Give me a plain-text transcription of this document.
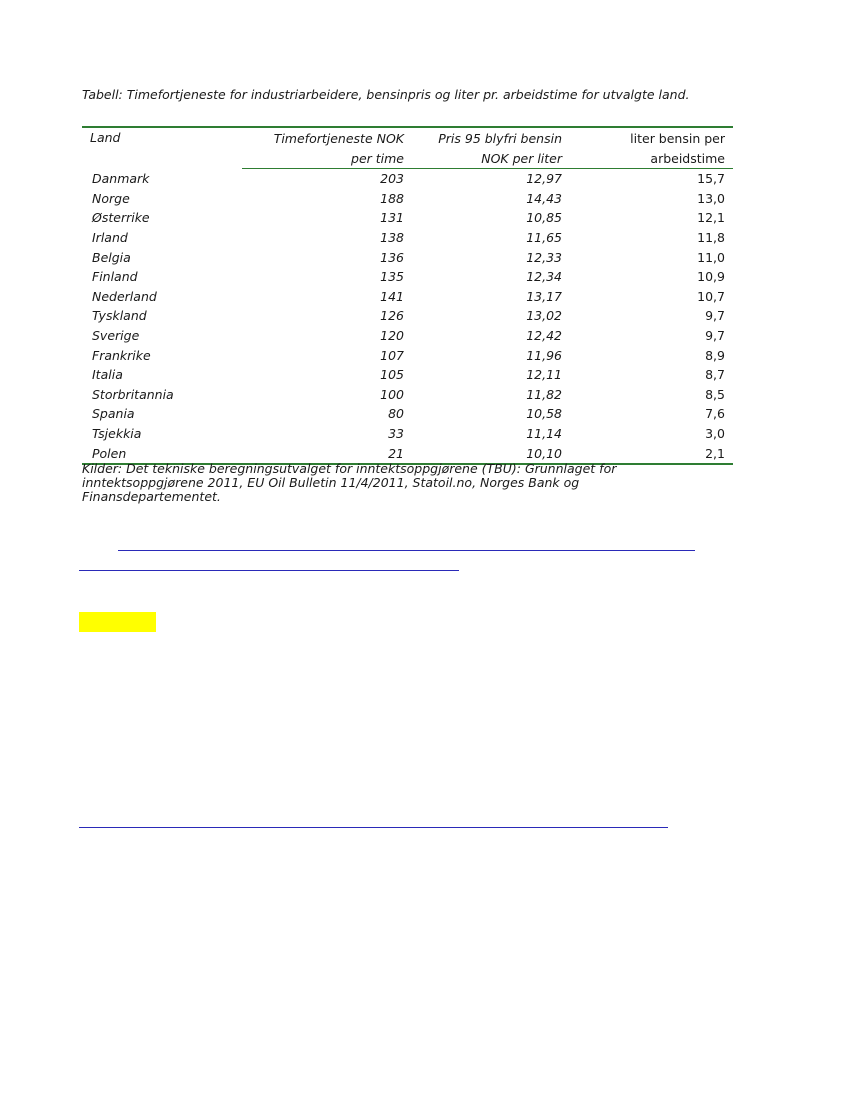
Tabell: Timefortjeneste for industriarbeidere, bensinpris og liter pr. arbeidstime for utvalgte land.
Land	Timefortjeneste NOK	Pris 95 blyfri bensin	liter bensin per
	per time	NOK per liter	arbeidstime
Danmark	203	12,97	15,7
Norge	188	14,43	13,0
Østerrike	131	10,85	12,1
Irland	138	11,65	11,8
Belgia	136	12,33	11,0
Finland	135	12,34	10,9
Nederland	141	13,17	10,7
Tyskland	126	13,02	9,7
Sverige	120	12,42	9,7
Frankrike	107	11,96	8,9
Italia	105	12,11	8,7
Storbritannia	100	11,82	8,5
Spania	80	10,58	7,6
Tsjekkia	33	11,14	3,0
Polen	21	10,10	2,1
Kilder: Det tekniske beregningsutvalget for inntektsoppgjørene (TBU): Grunnlaget for inntektsoppgjørene 2011, EU Oil Bulletin 11/4/2011, Statoil.no, Norges Bank og Finansdepartementet.
